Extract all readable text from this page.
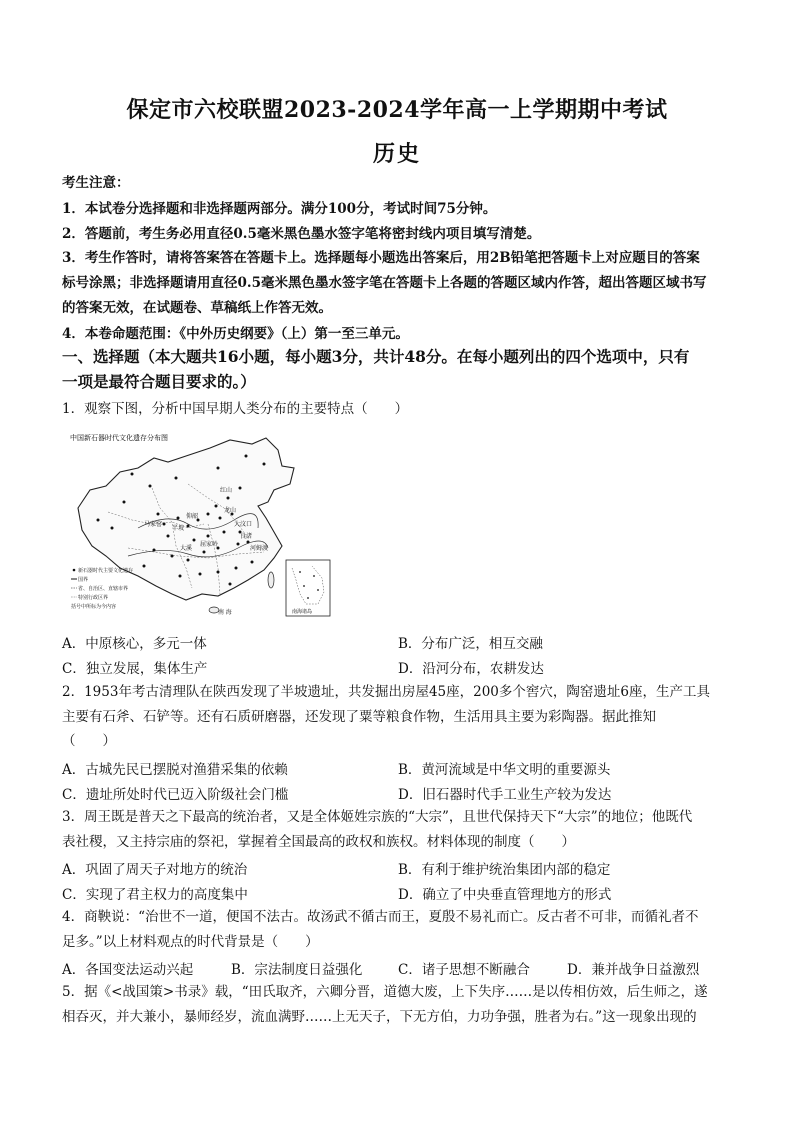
保定市六校联盟2023-2024学年高一上学期期中考试
历史
考生注意：
1．本试卷分选择题和非选择题两部分。满分100分，考试时间75分钟。
2．答题前，考生务必用直径0.5毫米黑色墨水签字笔将密封线内项目填写清楚。
3．考生作答时，请将答案答在答题卡上。选择题每小题选出答案后，用2B铅笔把答题卡上对应题目的答案
标号涂黑；非选择题请用直径0.5毫米黑色墨水签字笔在答题卡上各题的答题区域内作答，超出答题区域书写
的答案无效，在试题卷、草稿纸上作答无效。
4．本卷命题范围：《中外历史纲要》（上）第一至三单元。
一、选择题（本大题共16小题，每小题3分，共计48分。在每小题列出的四个选项中，只有
一项是最符合题目要求的。）
1．观察下图，分析中国早期人类分布的主要特点（　　）
中国新石器时代文化遗存分布图
红山
大汶口
龙山
半坡
河姆渡
良渚
大溪
屈家岭
马家窑
仰韶
南 海
新石器时代主要文化遗存
国界
省、自治区、直辖市界
特别行政区界
括号中所标为今内容
南海诸岛
A．中原核心，多元一体	B．分布广泛，相互交融
C．独立发展，集体生产	D．沿河分布，农耕发达
2．1953年考古清理队在陕西发现了半坡遗址，共发掘出房屋45座，200多个窖穴，陶窑遗址6座，生产工具
主要有石斧、石铲等。还有石质研磨器，还发现了粟等粮食作物，生活用具主要为彩陶器。据此推知
（　　）
A．古城先民已摆脱对渔猎采集的依赖	B．黄河流域是中华文明的重要源头
C．遗址所处时代已迈入阶级社会门槛	D．旧石器时代手工业生产较为发达
3．周王既是普天之下最高的统治者，又是全体姬姓宗族的“大宗”，且世代保持天下“大宗”的地位；他既代
表社稷，又主持宗庙的祭祀，掌握着全国最高的政权和族权。材料体现的制度（　　）
A．巩固了周天子对地方的统治	B．有利于维护统治集团内部的稳定
C．实现了君主权力的高度集中	D．确立了中央垂直管理地方的形式
4．商鞅说：“治世不一道，便国不法古。故汤武不循古而王，夏殷不易礼而亡。反古者不可非，而循礼者不
足多。”以上材料观点的时代背景是（　　）
A．各国变法运动兴起	B．宗法制度日益强化	C．诸子思想不断融合	D．兼并战争日益激烈
5．据《<战国策>书录》载，“田氏取齐，六卿分晋，道德大废，上下失序……是以传相仿效，后生师之，遂
相吞灭，并大兼小，暴师经岁，流血满野……上无天子，下无方伯，力功争强，胜者为右。”这一现象出现的
